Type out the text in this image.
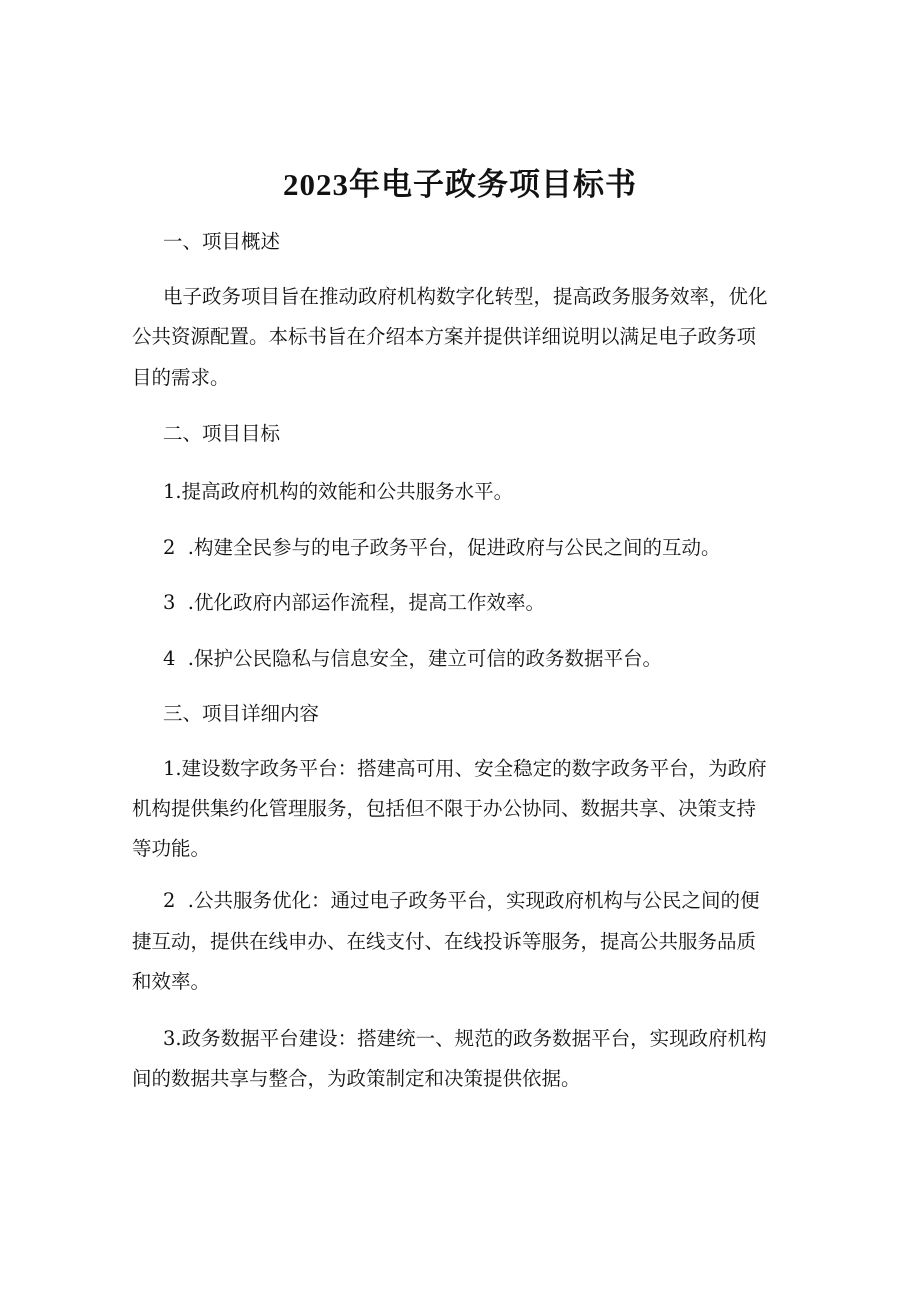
2023年电子政务项目标书
一、项目概述
电子政务项目旨在推动政府机构数字化转型，提高政务服务效率，优化
公共资源配置。本标书旨在介绍本方案并提供详细说明以满足电子政务项
目的需求。
二、项目目标
1.提高政府机构的效能和公共服务水平。
2  .构建全民参与的电子政务平台，促进政府与公民之间的互动。
3  .优化政府内部运作流程，提高工作效率。
4  .保护公民隐私与信息安全，建立可信的政务数据平台。
三、项目详细内容
1.建设数字政务平台：搭建高可用、安全稳定的数字政务平台，为政府
机构提供集约化管理服务，包括但不限于办公协同、数据共享、决策支持
等功能。
2  .公共服务优化：通过电子政务平台，实现政府机构与公民之间的便
捷互动，提供在线申办、在线支付、在线投诉等服务，提高公共服务品质
和效率。
3.政务数据平台建设：搭建统一、规范的政务数据平台，实现政府机构
间的数据共享与整合，为政策制定和决策提供依据。
